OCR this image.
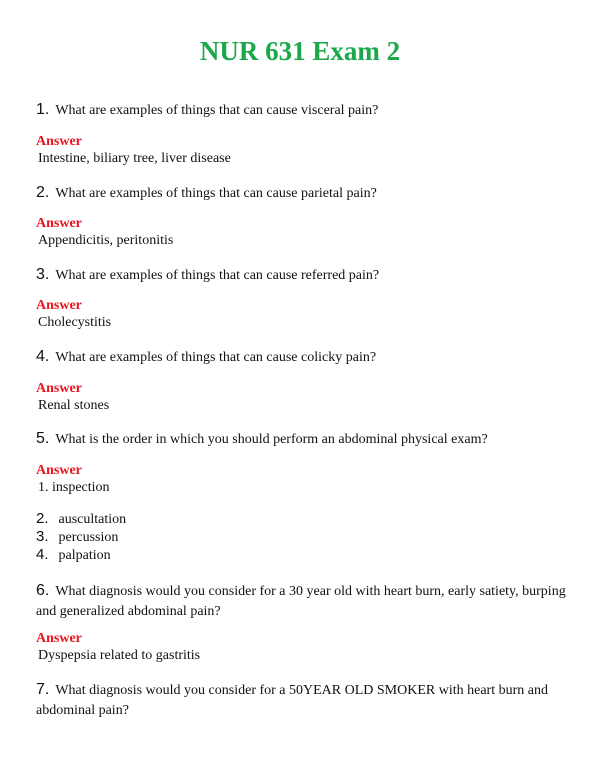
NUR 631 Exam 2
1. What are examples of things that can cause visceral pain?
Answer
Intestine, biliary tree, liver disease
2. What are examples of things that can cause parietal pain?
Answer
Appendicitis, peritonitis
3. What are examples of things that can cause referred pain?
Answer
Cholecystitis
4. What are examples of things that can cause colicky pain?
Answer
Renal stones
5. What is the order in which you should perform an abdominal physical exam?
Answer
1. inspection
2. auscultation
3. percussion
4. palpation
6. What diagnosis would you consider for a 30 year old with heart burn, early satiety, burping and generalized abdominal pain?
Answer
Dyspepsia related to gastritis
7. What diagnosis would you consider for a 50YEAR OLD SMOKER with heart burn and abdominal pain?
